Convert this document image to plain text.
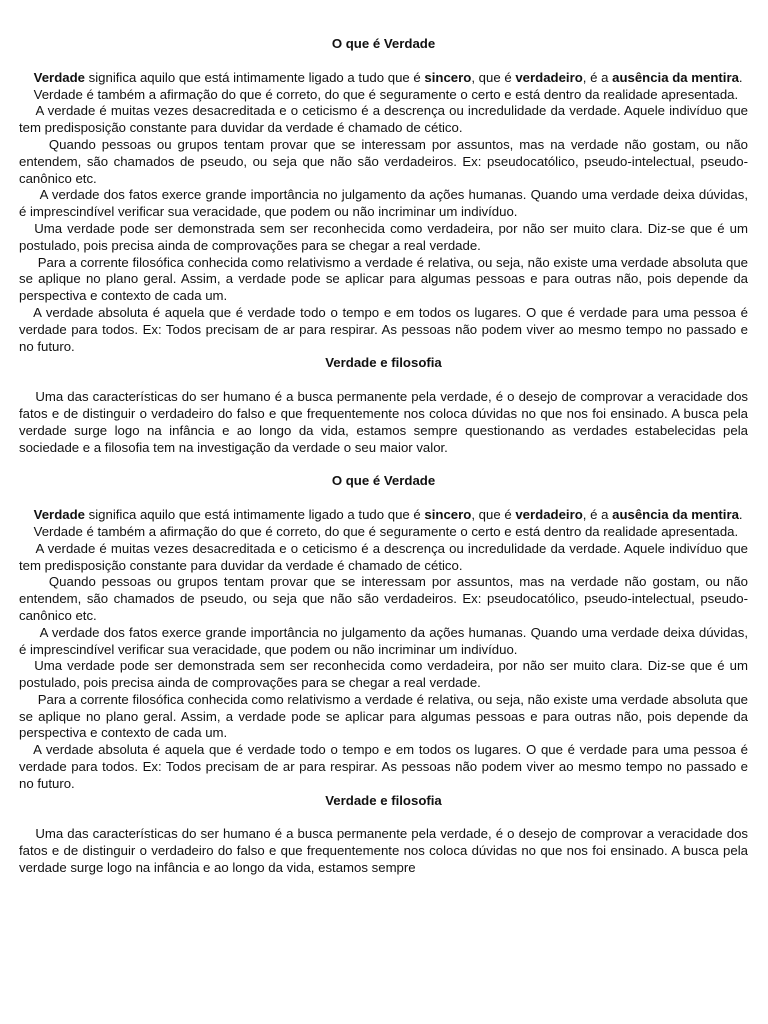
O que é Verdade

Verdade significa aquilo que está intimamente ligado a tudo que é sincero, que é verdadeiro, é a ausência da mentira.

Verdade é também a afirmação do que é correto, do que é seguramente o certo e está dentro da realidade apresentada.

A verdade é muitas vezes desacreditada e o ceticismo é a descrença ou incredulidade da verdade. Aquele indivíduo que tem predisposição constante para duvidar da verdade é chamado de cético.

Quando pessoas ou grupos tentam provar que se interessam por assuntos, mas na verdade não gostam, ou não entendem, são chamados de pseudo, ou seja que não são verdadeiros. Ex: pseudocatólico, pseudo-intelectual, pseudo-canônico etc.

A verdade dos fatos exerce grande importância no julgamento da ações humanas. Quando uma verdade deixa dúvidas, é imprescindível verificar sua veracidade, que podem ou não incriminar um indivíduo.

Uma verdade pode ser demonstrada sem ser reconhecida como verdadeira, por não ser muito clara. Diz-se que é um postulado, pois precisa ainda de comprovações para se chegar a real verdade.

Para a corrente filosófica conhecida como relativismo a verdade é relativa, ou seja, não existe uma verdade absoluta que se aplique no plano geral. Assim, a verdade pode se aplicar para algumas pessoas e para outras não, pois depende da perspectiva e contexto de cada um.

A verdade absoluta é aquela que é verdade todo o tempo e em todos os lugares. O que é verdade para uma pessoa é verdade para todos. Ex: Todos precisam de ar para respirar. As pessoas não podem viver ao mesmo tempo no passado e no futuro.

Verdade e filosofia

Uma das características do ser humano é a busca permanente pela verdade, é o desejo de comprovar a veracidade dos fatos e de distinguir o verdadeiro do falso e que frequentemente nos coloca dúvidas no que nos foi ensinado. A busca pela verdade surge logo na infância e ao longo da vida, estamos sempre questionando as verdades estabelecidas pela sociedade e a filosofia tem na investigação da verdade o seu maior valor.

O que é Verdade

Verdade significa aquilo que está intimamente ligado a tudo que é sincero, que é verdadeiro, é a ausência da mentira.

Verdade é também a afirmação do que é correto, do que é seguramente o certo e está dentro da realidade apresentada.

A verdade é muitas vezes desacreditada e o ceticismo é a descrença ou incredulidade da verdade. Aquele indivíduo que tem predisposição constante para duvidar da verdade é chamado de cético.

Quando pessoas ou grupos tentam provar que se interessam por assuntos, mas na verdade não gostam, ou não entendem, são chamados de pseudo, ou seja que não são verdadeiros. Ex: pseudocatólico, pseudo-intelectual, pseudo-canônico etc.

A verdade dos fatos exerce grande importância no julgamento da ações humanas. Quando uma verdade deixa dúvidas, é imprescindível verificar sua veracidade, que podem ou não incriminar um indivíduo.

Uma verdade pode ser demonstrada sem ser reconhecida como verdadeira, por não ser muito clara. Diz-se que é um postulado, pois precisa ainda de comprovações para se chegar a real verdade.

Para a corrente filosófica conhecida como relativismo a verdade é relativa, ou seja, não existe uma verdade absoluta que se aplique no plano geral. Assim, a verdade pode se aplicar para algumas pessoas e para outras não, pois depende da perspectiva e contexto de cada um.

A verdade absoluta é aquela que é verdade todo o tempo e em todos os lugares. O que é verdade para uma pessoa é verdade para todos. Ex: Todos precisam de ar para respirar. As pessoas não podem viver ao mesmo tempo no passado e no futuro.

Verdade e filosofia

Uma das características do ser humano é a busca permanente pela verdade, é o desejo de comprovar a veracidade dos fatos e de distinguir o verdadeiro do falso e que frequentemente nos coloca dúvidas no que nos foi ensinado. A busca pela verdade surge logo na infância e ao longo da vida, estamos sempre
